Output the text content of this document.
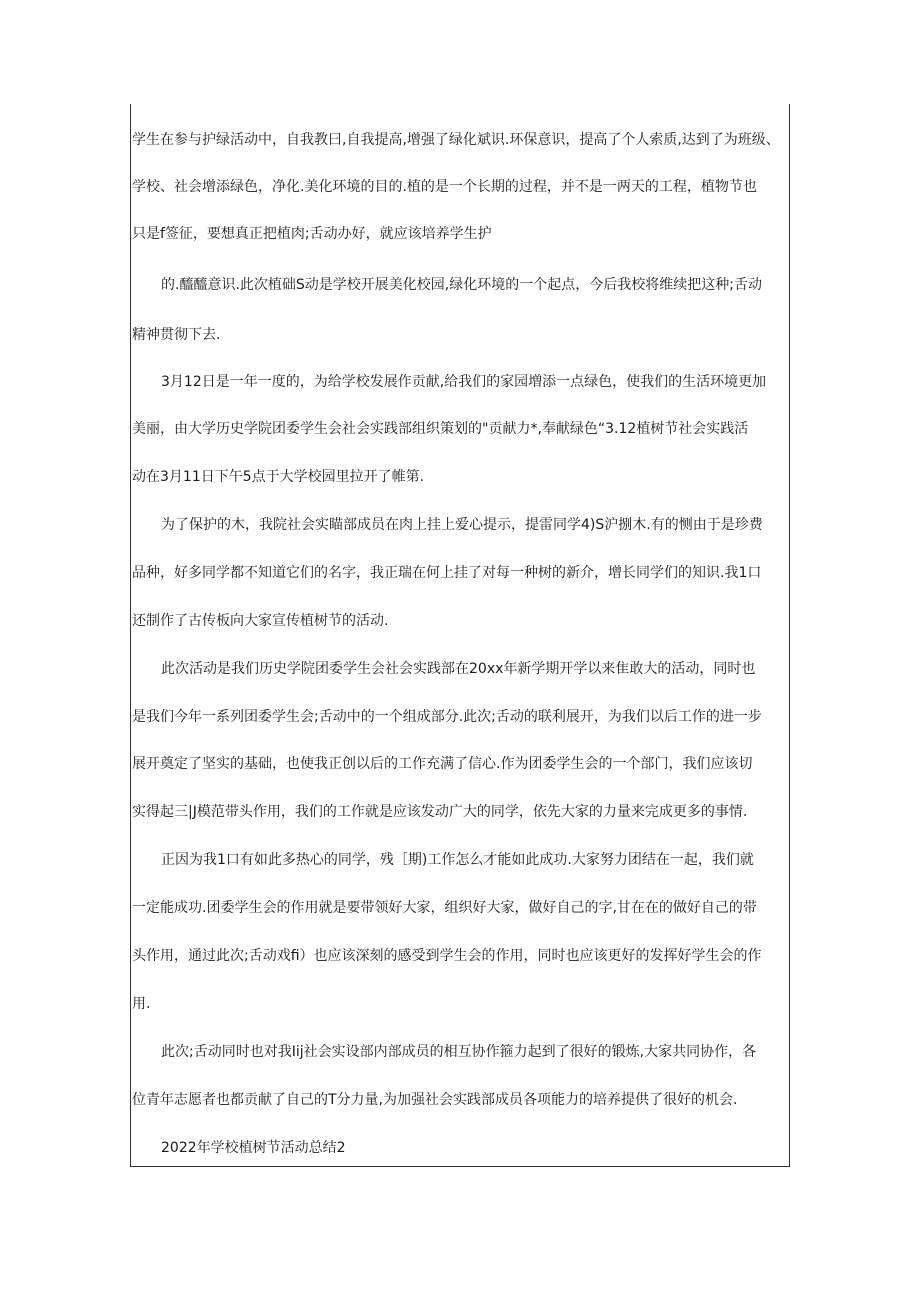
学生在参与护绿活动中，自我教曰,自我提高,增强了绿化斌识.环保意识，提高了个人索质,达到了为班级、
学校、社会增添绿色，净化.美化环境的目的.植的是一个长期的过程，并不是一两天的工程，植物节也
只是f签征，要想真正把植肉;舌动办好，就应该培养学生护
的.醯醯意识.此次植础S动是学校开展美化校园,绿化环境的一个起点，今后我校将维续把这种;舌动
精神贯彻下去.
3月12日是一年一度的，为给学校发展作贡献,给我们的家园増添一点绿色，使我们的生活环境更加
美丽，由大学历史学院团委学生会社会实践部组织策划的"贡献力*,奉献绿色“3.12植树节社会实践活
动在3月11日下午5点于大学校园里拉开了帷第.
为了保护的木，我院社会实瞄部成员在肉上挂上爱心提示，提雷同学4)S沪捌木.有的恻由于是珍费
品种，好多同学都不知道它们的名字，我正瑞在何上挂了对每一种树的新介，增长同学们的知识.我1口
还制作了古传板向大家宣传植树节的活动.
此次活动是我们历史学院团委学生会社会实践部在20xx年新学期开学以来隹敢大的活动，同时也
是我们今年一系列团委学生会;舌动中的一个组成部分.此次;舌动的联利展开，为我们以后工作的进一步
展开奠定了坚实的基础，也使我正创以后的工作充满了信心.作为团委学生会的一个部门，我们应该切
实得起三|J模范带头作用，我们的工作就是应该发动广大的同学，依先大家的力量来完成更多的事情.
正因为我1口有如此多热心的同学，残［期)工作怎么才能如此成功.大家努力团结在一起，我们就
一定能成功.团委学生会的作用就是要带领好大家，组织好大家，做好自己的字,甘在在的做好自己的带
头作用，通过此次;舌动戏fi）也应该深刻的感受到学生会的作用，同时也应该更好的发挥好学生会的作
用.
此次;舌动同时也对我Iij社会实设部内部成员的相互协作箍力起到了很好的锻炼,大家共同协作，各
位青年志愿者也都贡献了自己的T分力量,为加强社会实践部成员各项能力的培养提供了很好的机会.
2022年学校植树节活动总结2
